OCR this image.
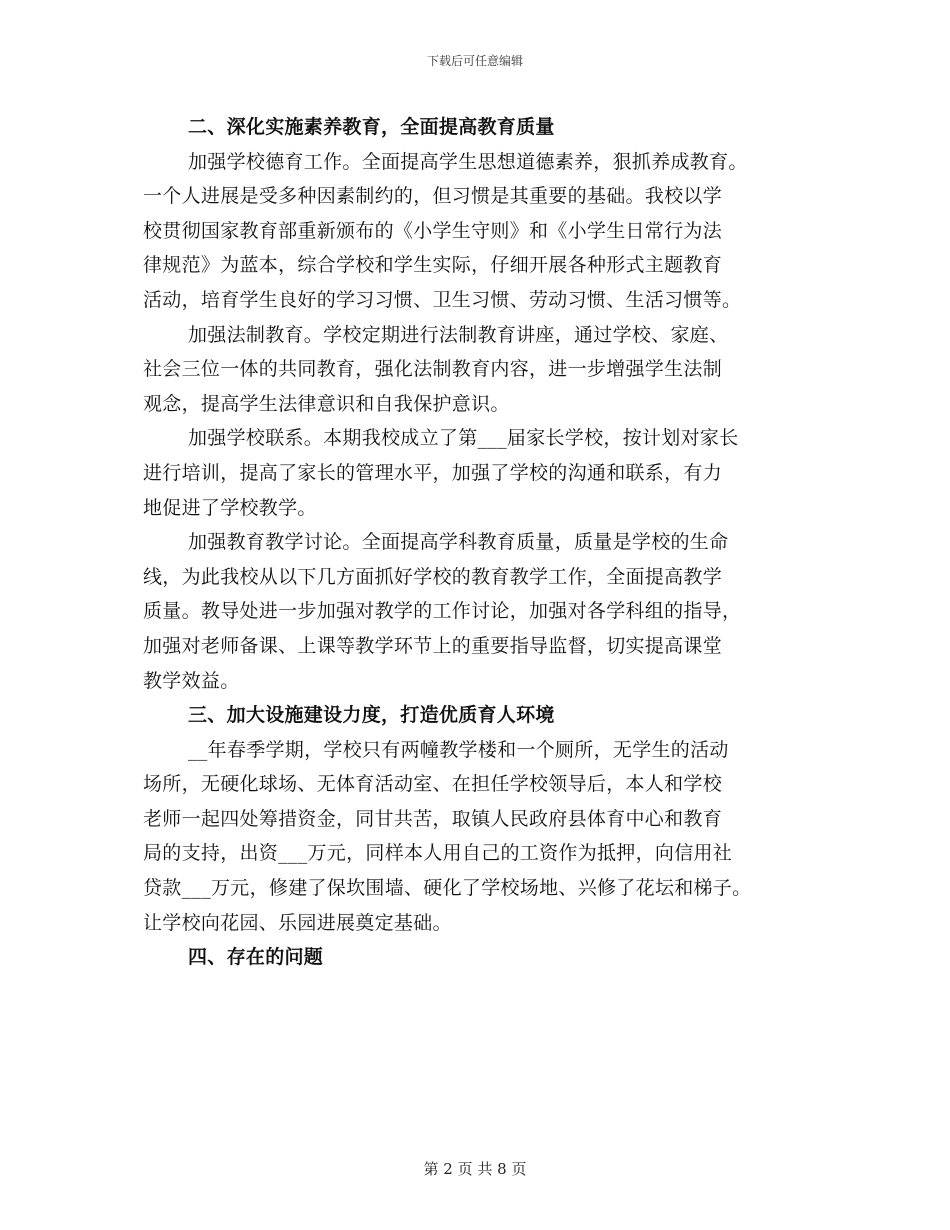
下载后可任意编辑
二、深化实施素养教育，全面提高教育质量
加强学校德育工作。全面提高学生思想道德素养，狠抓养成教育。
一个人进展是受多种因素制约的，但习惯是其重要的基础。我校以学
校贯彻国家教育部重新颁布的《小学生守则》和《小学生日常行为法
律规范》为蓝本，综合学校和学生实际，仔细开展各种形式主题教育
活动，培育学生良好的学习习惯、卫生习惯、劳动习惯、生活习惯等。
加强法制教育。学校定期进行法制教育讲座，通过学校、家庭、
社会三位一体的共同教育，强化法制教育内容，进一步增强学生法制
观念，提高学生法律意识和自我保护意识。
加强学校联系。本期我校成立了第___届家长学校，按计划对家长
进行培训，提高了家长的管理水平，加强了学校的沟通和联系，有力
地促进了学校教学。
加强教育教学讨论。全面提高学科教育质量，质量是学校的生命
线，为此我校从以下几方面抓好学校的教育教学工作，全面提高教学
质量。教导处进一步加强对教学的工作讨论，加强对各学科组的指导，
加强对老师备课、上课等教学环节上的重要指导监督，切实提高课堂
教学效益。
三、加大设施建设力度，打造优质育人环境
__年春季学期，学校只有两幢教学楼和一个厕所，无学生的活动
场所，无硬化球场、无体育活动室、在担任学校领导后，本人和学校
老师一起四处筹措资金，同甘共苦，取镇人民政府县体育中心和教育
局的支持，出资___万元，同样本人用自己的工资作为抵押，向信用社
贷款___万元，修建了保坎围墙、硬化了学校场地、兴修了花坛和梯子。
让学校向花园、乐园进展奠定基础。
四、存在的问题
第 2 页 共 8 页
